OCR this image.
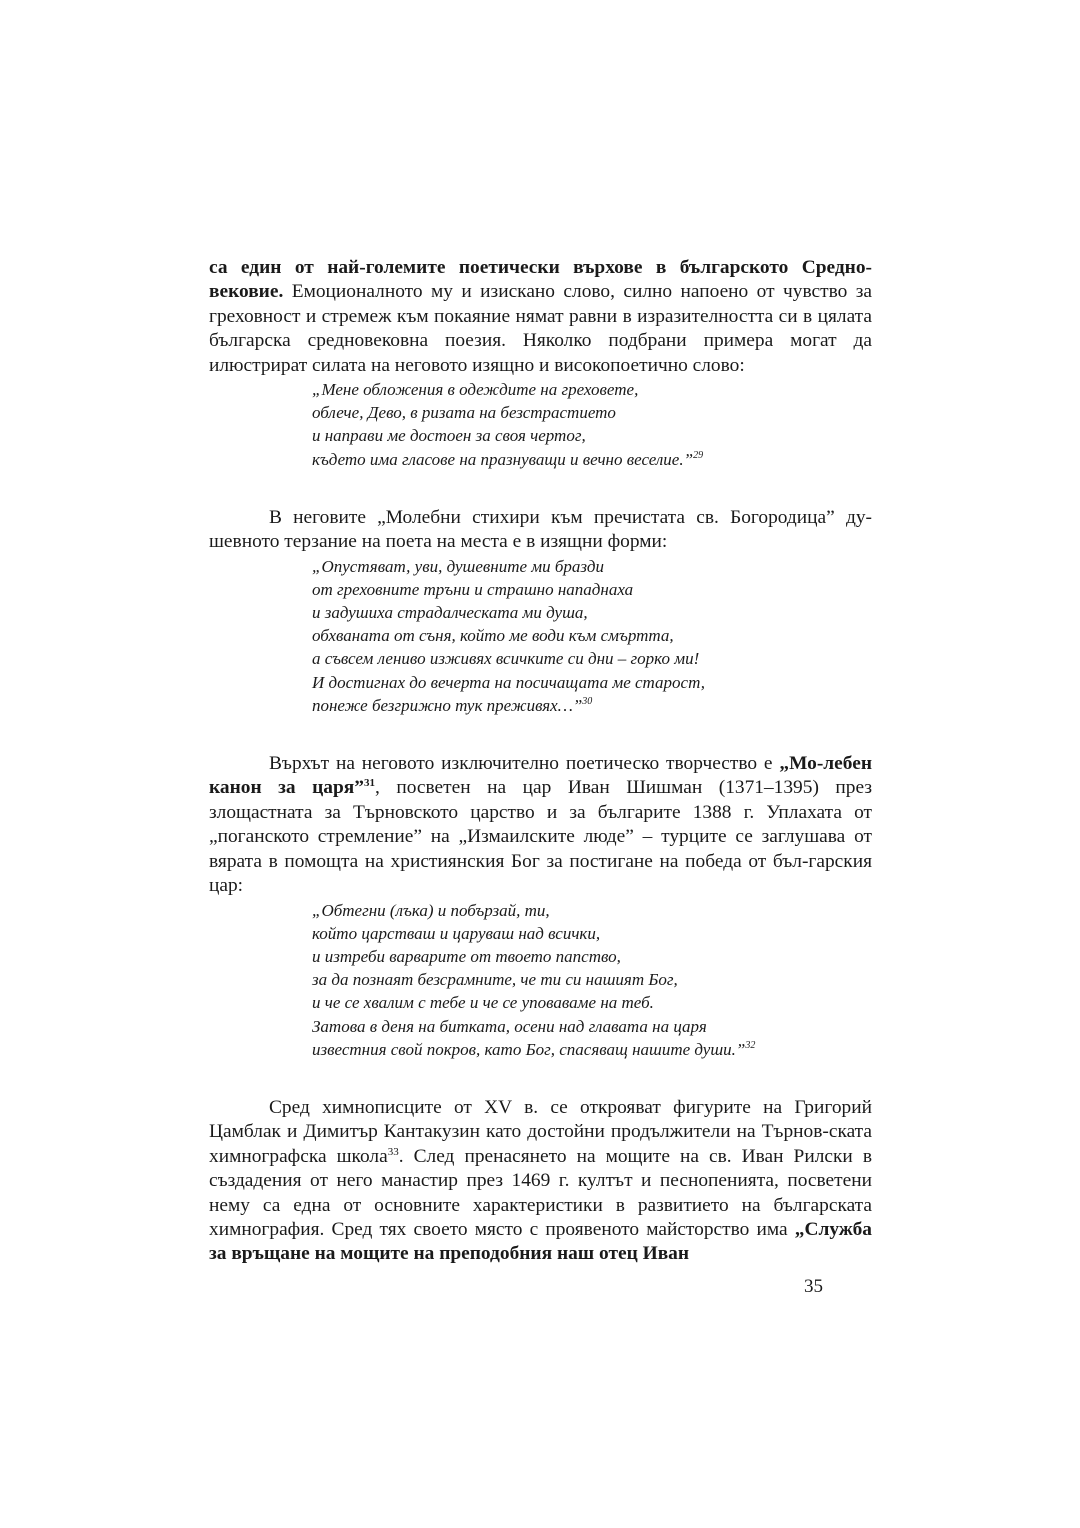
са един от най-големите поетически върхове в българското Средно-вековие. Емоционалното му и изискано слово, силно напоено от чувство за греховност и стремеж към покаяние нямат равни в изразителността си в цялата българска средновековна поезия. Няколко подбрани примера могат да илюстрират силата на неговото изящно и високопоетично слово:

„Мене обложения в одеждите на греховете,
облече, Дево, в ризата на безстрастието
и направи ме достоен за своя чертог,
където има гласове на празнуващи и вечно веселие.”$^{29}$

В неговите „Молебни стихири към пречистата св. Богородица” ду-шевното терзание на поета на места е в изящни форми:

„Опустяват, уви, душевните ми бразди
от греховните тръни и страшно нападнаха
и задушиха страдалческата ми душа,
обхваната от съня, който ме води към смъртта,
а съвсем лениво изживях всичките си дни – горко ми!
И достигнах до вечерта на посичащата ме старост,
понеже безгрижно тук преживях…”$^{30}$

Върхът на неговото изключително поетическо творчество е „Мо-лебен канон за царя”$^{31}$, посветен на цар Иван Шишман (1371–1395) през злощастната за Търновското царство и за българите 1388 г. Уплахата от „поганското стремление” на „Измаилските люде” – турците се заглушава от вярата в помощта на християнския Бог за постигане на победа от бъл-гарския цар:

„Обтегни (лъка) и побързай, ти,
който царстваш и царуваш над всички,
и изтреби варварите от твоето папство,
за да познаят безсрамните, че ти си нашият Бог,
и че се хвалим с тебе и че се уповаваме на теб.
Затова в деня на битката, осени над главата на царя
известния свой покров, като Бог, спасяващ нашите души.”$^{32}$

Сред химнописците от XV в. се открояват фигурите на Григорий Цамблак и Димитър Кантакузин като достойни продължители на Търнов-ската химнографска школа$^{33}$. След пренасянето на мощите на св. Иван Рилски в създадения от него манастир през 1469 г. култът и песнопенията, посветени нему са една от основните характеристики в развитието на българската химнография. Сред тях своето място с проявеното майсторство има „Служба за връщане на мощите на преподобния наш отец Иван

35
